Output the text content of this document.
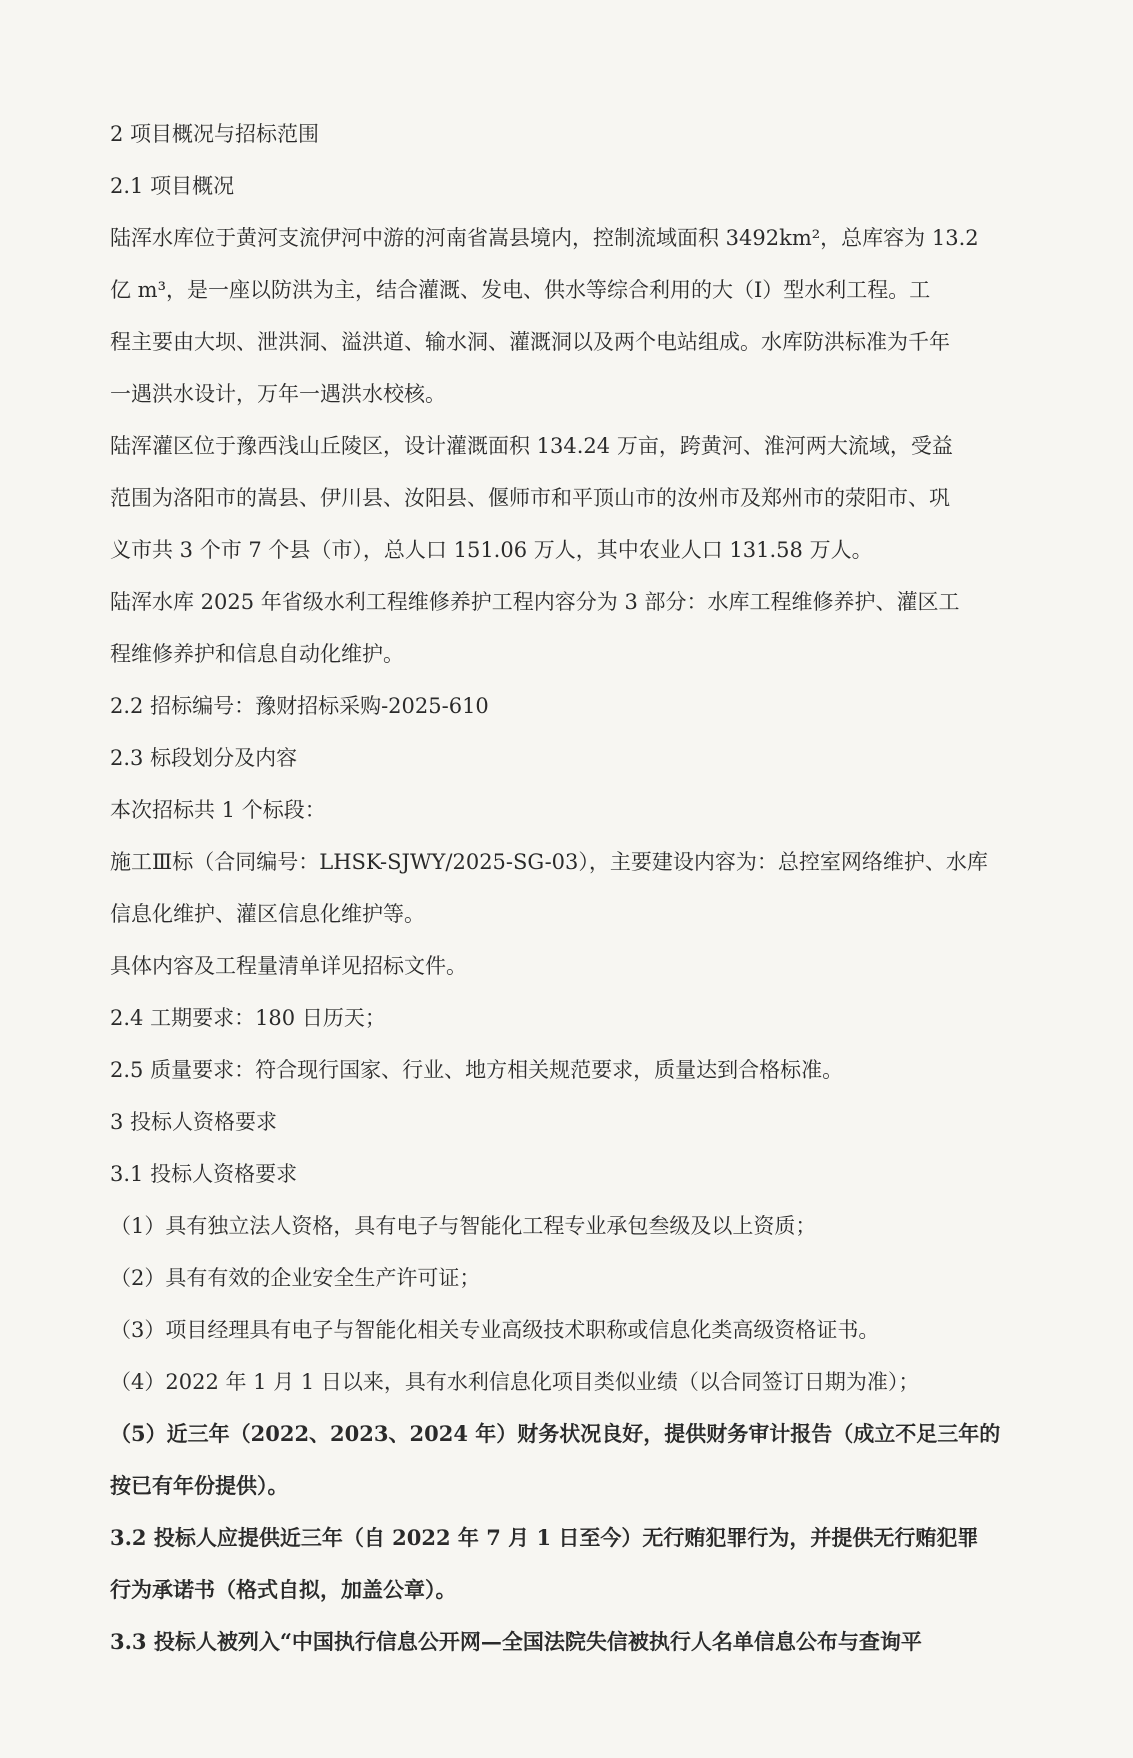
2 项目概况与招标范围

2.1 项目概况

陆浑水库位于黄河支流伊河中游的河南省嵩县境内，控制流域面积 3492km²，总库容为 13.2

亿 m³，是一座以防洪为主，结合灌溉、发电、供水等综合利用的大（Ⅰ）型水利工程。工

程主要由大坝、泄洪洞、溢洪道、输水洞、灌溉洞以及两个电站组成。水库防洪标准为千年

一遇洪水设计，万年一遇洪水校核。

陆浑灌区位于豫西浅山丘陵区，设计灌溉面积 134.24 万亩，跨黄河、淮河两大流域，受益

范围为洛阳市的嵩县、伊川县、汝阳县、偃师市和平顶山市的汝州市及郑州市的荥阳市、巩

义市共 3 个市 7 个县（市），总人口 151.06 万人，其中农业人口 131.58 万人。

陆浑水库 2025 年省级水利工程维修养护工程内容分为 3 部分：水库工程维修养护、灌区工

程维修养护和信息自动化维护。

2.2 招标编号：豫财招标采购-2025-610

2.3 标段划分及内容

本次招标共 1 个标段：

施工Ⅲ标（合同编号：LHSK-SJWY/2025-SG-03），主要建设内容为：总控室网络维护、水库

信息化维护、灌区信息化维护等。

具体内容及工程量清单详见招标文件。

2.4 工期要求：180 日历天；

2.5 质量要求：符合现行国家、行业、地方相关规范要求，质量达到合格标准。

3 投标人资格要求

3.1 投标人资格要求

（1）具有独立法人资格，具有电子与智能化工程专业承包叁级及以上资质；

（2）具有有效的企业安全生产许可证；

（3）项目经理具有电子与智能化相关专业高级技术职称或信息化类高级资格证书。

（4）2022 年 1 月 1 日以来，具有水利信息化项目类似业绩（以合同签订日期为准）；

（5）近三年（2022、2023、2024 年）财务状况良好，提供财务审计报告（成立不足三年的

按已有年份提供）。

3.2 投标人应提供近三年（自 2022 年 7 月 1 日至今）无行贿犯罪行为，并提供无行贿犯罪

行为承诺书（格式自拟，加盖公章）。

3.3 投标人被列入“中国执行信息公开网—全国法院失信被执行人名单信息公布与查询平
